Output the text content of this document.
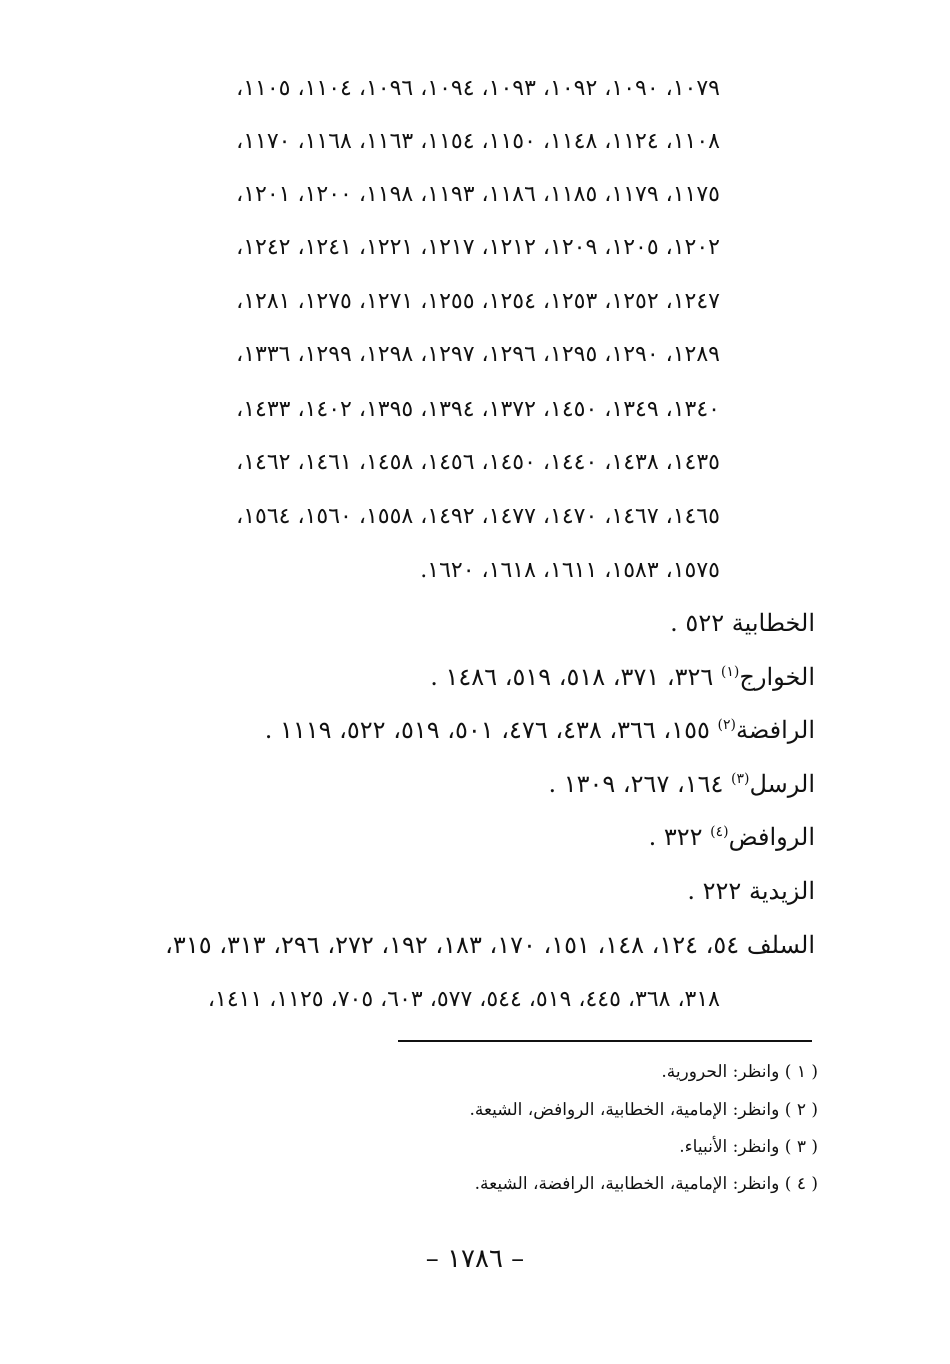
١٠٧٩، ١٠٩٠، ١٠٩٢، ١٠٩٣، ١٠٩٤، ١٠٩٦، ١١٠٤، ١١٠٥،
١١٠٨، ١١٢٤، ١١٤٨، ١١٥٠، ١١٥٤، ١١٦٣، ١١٦٨، ١١٧٠،
١١٧٥، ١١٧٩، ١١٨٥، ١١٨٦، ١١٩٣، ١١٩٨، ١٢٠٠، ١٢٠١،
١٢٠٢، ١٢٠٥، ١٢٠٩، ١٢١٢، ١٢١٧، ١٢٢١، ١٢٤١، ١٢٤٢،
١٢٤٧، ١٢٥٢، ١٢٥٣، ١٢٥٤، ١٢٥٥، ١٢٧١، ١٢٧٥، ١٢٨١،
١٢٨٩، ١٢٩٠، ١٢٩٥، ١٢٩٦، ١٢٩٧، ١٢٩٨، ١٢٩٩، ١٣٣٦،
١٣٤٠، ١٣٤٩، ١٤٥٠، ١٣٧٢، ١٣٩٤، ١٣٩٥، ١٤٠٢، ١٤٣٣،
١٤٣٥، ١٤٣٨، ١٤٤٠، ١٤٥٠، ١٤٥٦، ١٤٥٨، ١٤٦١، ١٤٦٢،
١٤٦٥، ١٤٦٧، ١٤٧٠، ١٤٧٧، ١٤٩٢، ١٥٥٨، ١٥٦٠، ١٥٦٤،
١٥٧٥، ١٥٨٣، ١٦١١، ١٦١٨، ١٦٢٠.
الخطابية ٥٢٢ .
الخوارج$^{(١)}$ ٣٢٦، ٣٧١، ٥١٨، ٥١٩، ١٤٨٦ .
الرافضة$^{(٢)}$ ١٥٥، ٣٦٦، ٤٣٨، ٤٧٦، ٥٠١، ٥١٩، ٥٢٢، ١١١٩ .
الرسل$^{(٣)}$ ١٦٤، ٢٦٧، ١٣٠٩ .
الروافض$^{(٤)}$ ٣٢٢ .
الزيدية ٢٢٢ .
السلف ٥٤، ١٢٤، ١٤٨، ١٥١، ١٧٠، ١٨٣، ١٩٢، ٢٧٢، ٢٩٦، ٣١٣، ٣١٥،
٣١٨، ٣٦٨، ٤٤٥، ٥١٩، ٥٤٤، ٥٧٧، ٦٠٣، ٧٠٥، ١١٢٥، ١٤١١،
( ١ ) وانظر: الحرورية.
( ٢ ) وانظر: الإمامية، الخطابية، الروافض، الشيعة.
( ٣ ) وانظر: الأنبياء.
( ٤ ) وانظر: الإمامية، الخطابية، الرافضة، الشيعة.
– ١٧٨٦ –
